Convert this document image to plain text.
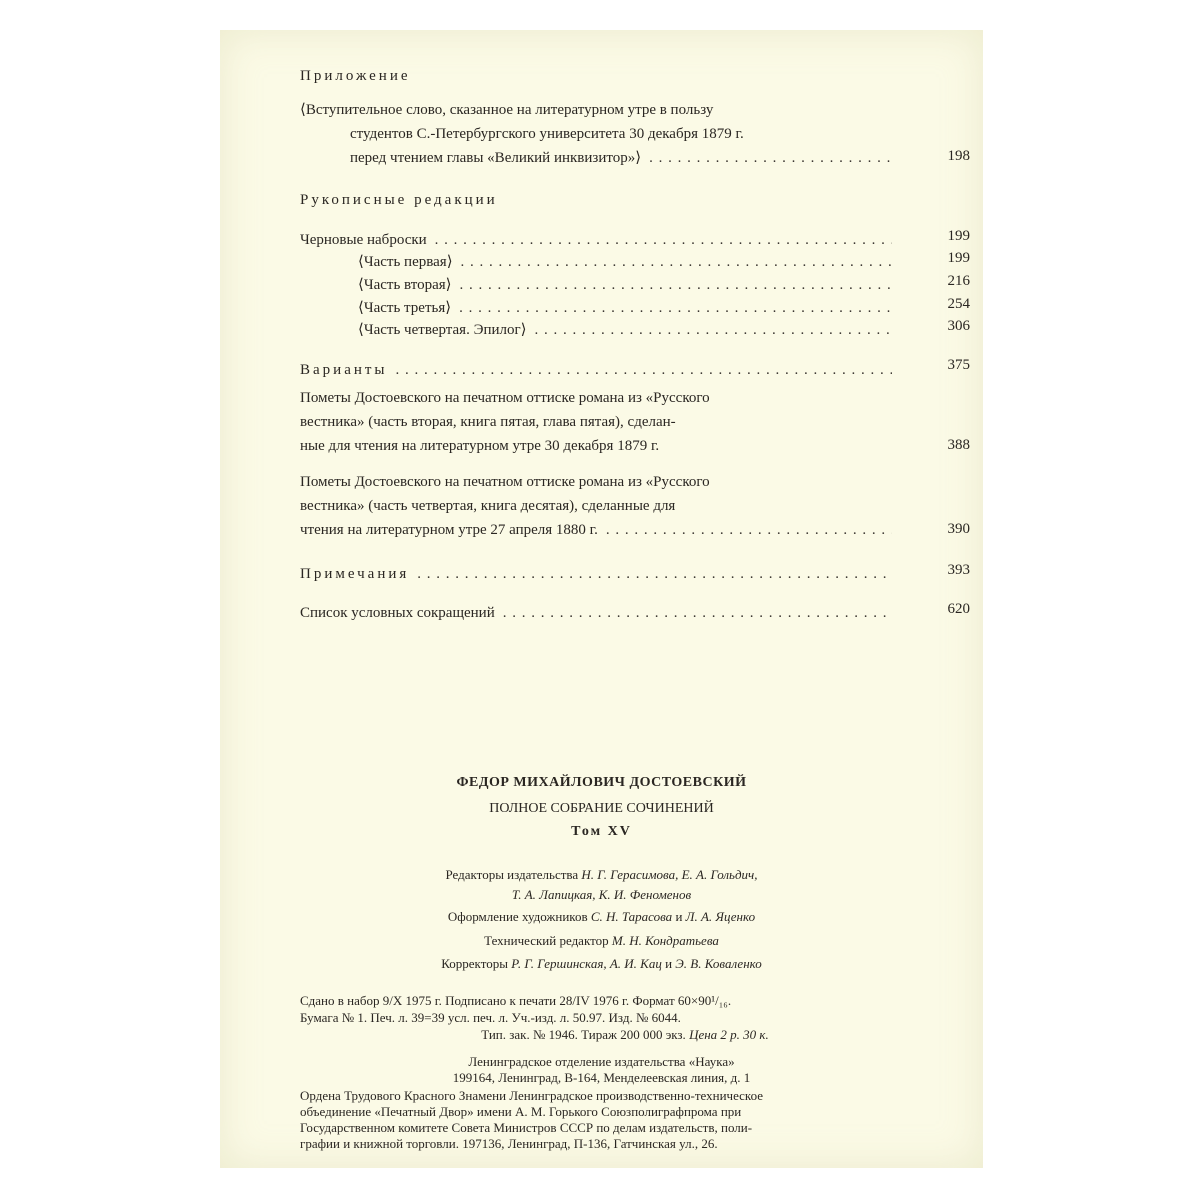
Приложение
⟨Вступительное слово, сказанное на литературном утре в пользу
студентов С.-Петербургского университета 30 декабря 1879 г.
перед чтением главы «Великий инквизитор»⟩ . . .	198
Рукописные редакции
Черновые наброски . . .	199
⟨Часть первая⟩ . . .	199
⟨Часть вторая⟩ . . .	216
⟨Часть третья⟩ . . .	254
⟨Часть четвертая. Эпилог⟩ . . .	306
Варианты . . .	375

Пометы Достоевского на печатном оттиске романа из «Русского

вестника» (часть вторая, книга пятая, глава пятая), сделан-

ные для чтения на литературном утре 30 декабря 1879 г.	388

Пометы Достоевского на печатном оттиске романа из «Русского

вестника» (часть четвертая, книга десятая), сделанные для

чтения на литературном утре 27 апреля 1880 г. . . .	390
Примечания . . .	393
Список условных сокращений . . .	620
ФЕДОР МИХАЙЛОВИЧ ДОСТОЕВСКИЙ
ПОЛНОЕ СОБРАНИЕ СОЧИНЕНИЙ
Том XV
Редакторы издательства Н. Г. Герасимова, Е. А. Гольдич,
Т. А. Лапицкая, К. И. Феноменов
Оформление художников С. Н. Тарасова и Л. А. Яценко
Технический редактор М. Н. Кондратьева
Корректоры Р. Г. Гершинская, А. И. Кац и Э. В. Коваленко
Сдано в набор 9/X 1975 г. Подписано к печати 28/IV 1976 г. Формат 60×90¹/₁₆.
Бумага № 1. Печ. л. 39=39 усл. печ. л. Уч.-изд. л. 50.97. Изд. № 6044.
Тип. зак. № 1946. Тираж 200 000 экз. Цена 2 р. 30 к.
Ленинградское отделение издательства «Наука»
199164, Ленинград, В-164, Менделеевская линия, д. 1
Ордена Трудового Красного Знамени Ленинградское производственно-техническое
объединение «Печатный Двор» имени А. М. Горького Союзполиграфпрома при
Государственном комитете Совета Министров СССР по делам издательств, поли-
графии и книжной торговли. 197136, Ленинград, П-136, Гатчинская ул., 26.
